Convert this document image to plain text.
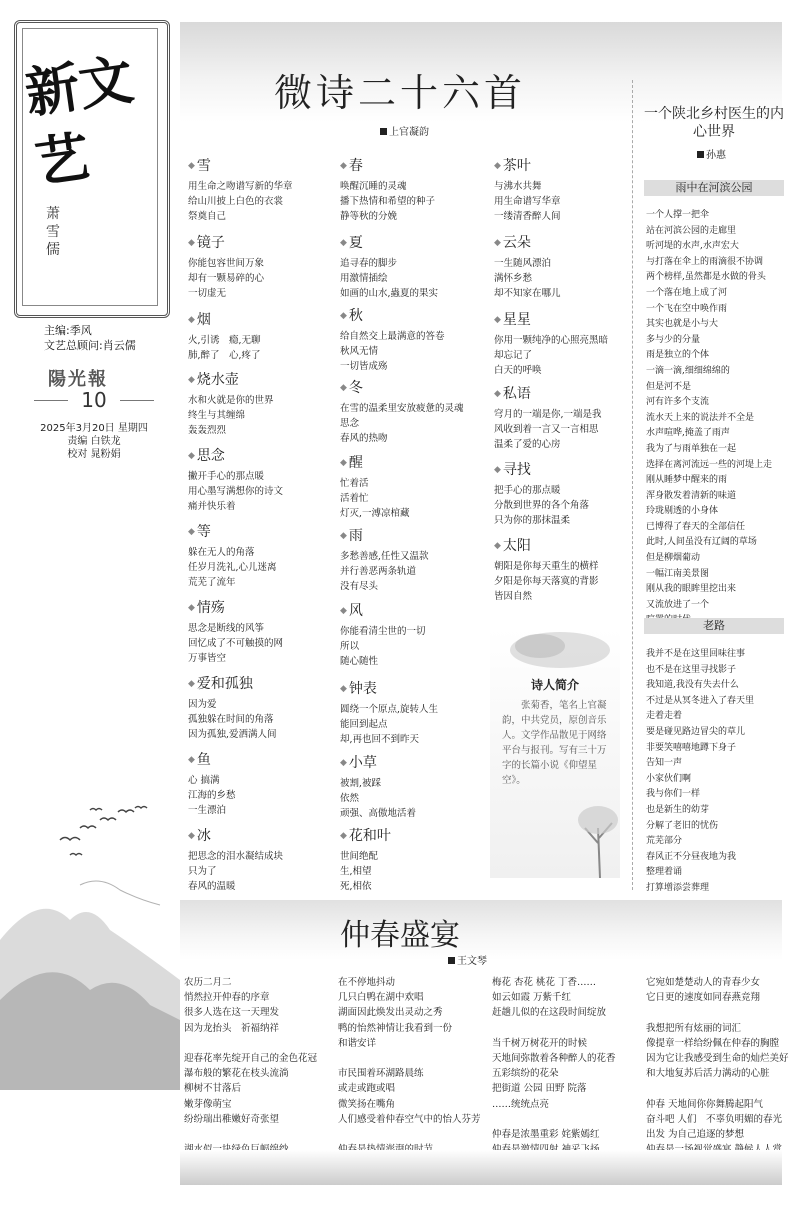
新文艺
萧雪儒
主编:季风
文艺总顾问:肖云儒
陽光報
10
2025年3月20日 星期四
责编 白铁龙
校对 晁粉娟
微诗二十六首
上官凝韵
◆ 雪

用生命之吻谱写新的华章
给山川披上白色的衣裳
祭奠自己

◆ 镜子

你能包容世间万象
却有一颗易碎的心
一切虚无

◆ 烟

火,引诱　瘾,无聊
肺,醉了　心,疼了

◆ 烧水壶

水和火就是你的世界
终生与其缠绵
轰轰烈烈

◆ 思念

撇开手心的那点暖
用心墨写满想你的诗文
痛并快乐着

◆ 等

躲在无人的角落
任岁月洗礼,心儿迷离
荒芜了流年

◆ 情殇

思念是断线的风筝
回忆成了不可触摸的网
万事皆空

◆ 爱和孤独

因为爱
孤独躲在时间的角落
因为孤独,爱洒满人间

◆ 鱼

心 搞满
江海的乡愁
一生漂泊

◆ 冰

把思念的泪水凝结成块
只为了
春风的温暖

◆ 春

唤醒沉睡的灵魂
播下热情和希望的种子
静等秋的分娩

◆ 夏

追寻春的脚步
用激情插绘
如画的山水,蟲夏的果实

◆ 秋

给自然交上最满意的答卷
秋风无情
一切皆成殇

◆ 冬

在雪的温柔里安放疲惫的灵魂
思念
春风的热吻

◆ 醒

忙着活
活着忙
灯灭,一溥凉棺藏

◆ 雨

多愁善感,任性又温款
并行善恶两条轨道
没有尽头

◆ 风

你能看清尘世的一切
所以
随心随性

◆ 钟表

圆绕一个原点,旋转人生
能回到起点
却,再也回不到昨天

◆ 小草

被割,被踩
依然
顽强、高傲地活着

◆ 花和叶

世间绝配
生,相望
死,相依

◆ 茶叶

与沸水共舞
用生命谱写华章
一缕清香醉人间

◆ 云朵

一生随风漂泊
满怀乡愁
却不知家在哪儿

◆ 星星

你用一颗纯净的心照亮黑暗
却忘记了
白天的呼唤

◆ 私语

穹月的一端是你,一端是我
风收到着一言又一言相思
温柔了爱的心房

◆ 寻找

把手心的那点暖
分散到世界的各个角落
只为你的那抹温柔

◆ 太阳

朝阳是你每天重生的横样
夕阳是你每天落寞的背影
皆因自然

诗人简介

张菊香，笔名上官凝韵，中共党员，原创音乐人。文学作品散见于网络平台与报刊。写有三十万字的长篇小说《仰望星空》。

一个陕北乡村医生的内心世界
孙惠
雨中在河滨公园
一个人撑一把伞
站在河滨公园的走廊里
听河堤的水声,水声宏大
与打落在伞上的雨滴很不协调
两个榜样,虽然都是水做的骨头
一个落在地上成了河
一个飞在空中唤作雨
其实也就是小与大
多与少的分量
雨是独立的个体
一滴一滴,细细绵绵的
但是河不是
河有许多个支流
流水天上来的说法并不全是
水声喧哗,掩盖了雨声
我为了与雨单独在一起
选择在离河流远一些的河堤上走
刚从睡梦中醒来的雨
浑身散发着清新的味道
玲珑剔透的小身体
已博得了春天的全部信任
此时,人间虽没有辽阔的草场
但是柳烟葡动
一幅江南美景图
刚从我的眼眸里挖出来
又流放进了一个

老路
我并不是在这里回味往事
也不是在这里寻找影子
我知道,我没有失去什么
不过是从冥冬进入了春天里
走着走着
要是碰见路边冒尖的草儿
非要笑嘻嘻地蹲下身子
告知一声
小家伙们啊
我与你们一样
也是新生的幼芽
分解了老旧的忧伤
荒芜部分
春风正不分昼夜地为我
整理着诵
打算增添尝葬理
仲春盛宴
王文琴
农历二月二
悄然拉开仲春的序章
很多人选在这一天理发
因为龙抬头　祈福纳祥

迎春花率先绽开自己的金色花冠
瀑布般的繁花在枝头流淌
柳树不甘落后
嫩芽像萌宝
纷纷瑞出稚嫩好奇张望

在不停地抖动
几只白鸭在湖中欢唱
湖面因此焕发出灵动之秀
鸭的怡然神情让我看到一份
和谐安详

市民围着环湖路晨练
或走或跑或唱
微笑扬在嘴角
人们感受着仲春空气中的怡人芬芳

梅花 杏花 桃花 丁香……
如云如霞 万紫千红
赶趟儿似的在这段时间绽放

当千树万树花开的时候
天地间弥散着各种醉人的花香
五彩缤纷的花朵
把街道 公园 田野 院落
……统统点亮

仲春是浓墨重彩 姹紫嫣红

它宛如楚楚动人的青春少女
它日更的速度如同春燕竞翔

我想把所有炫丽的词汇
像提章一样给纷佩在仲春的胸膛
因为它让我感受到生命的灿烂美好
和大地复苏后活力满动的心脏

仲春 天地间你你舞腾起阳气
奋斗吧 人们　不辜负明媚的春光
出发 为自己追逐的梦想
